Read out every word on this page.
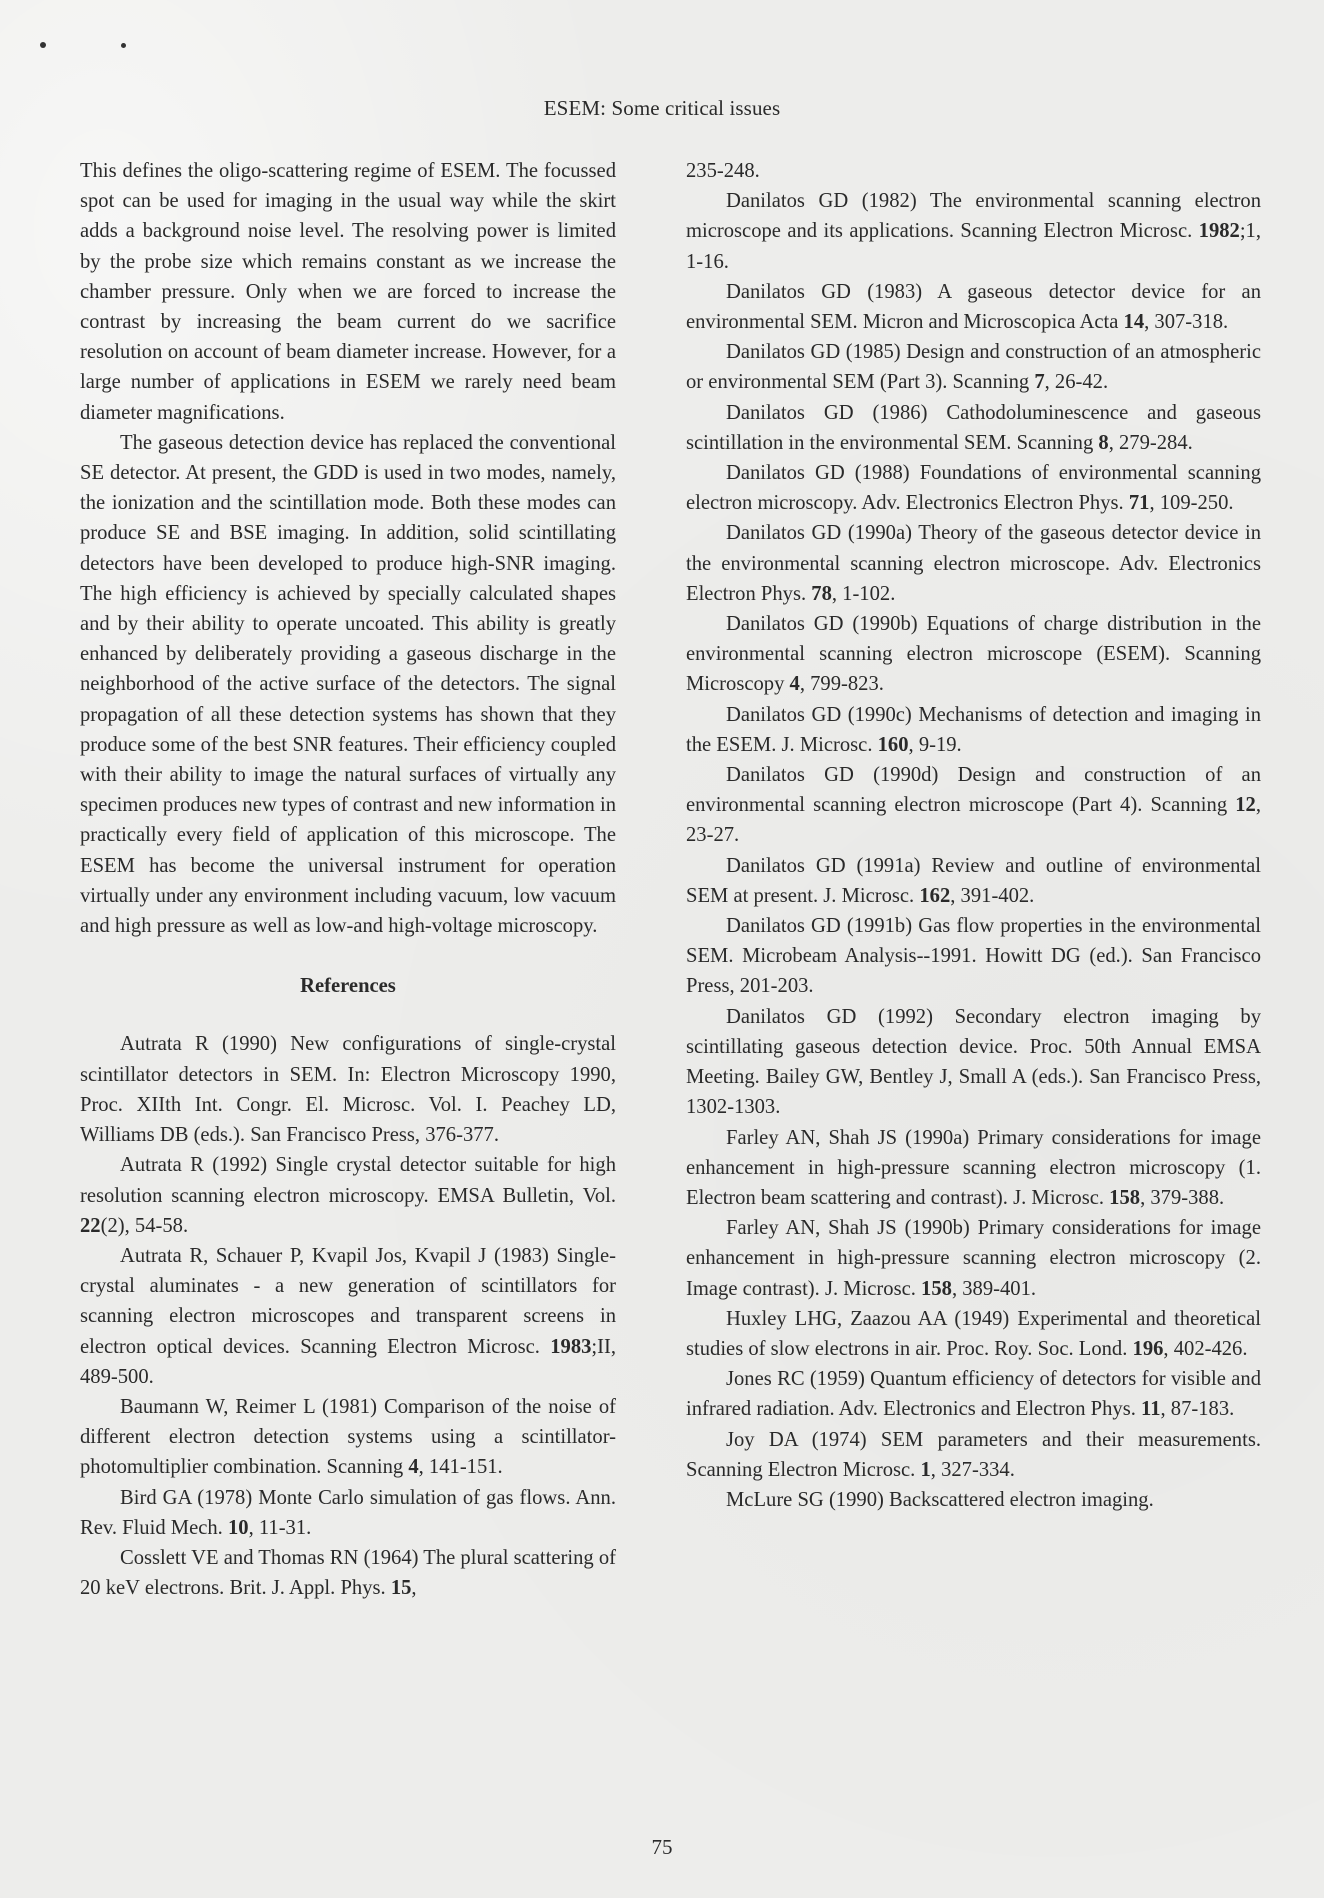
ESEM: Some critical issues

This defines the oligo-scattering regime of ESEM. The focussed spot can be used for imaging in the usual way while the skirt adds a background noise level. The resolving power is limited by the probe size which remains constant as we increase the chamber pressure. Only when we are forced to increase the contrast by increasing the beam current do we sacrifice resolution on account of beam diameter increase. However, for a large number of applications in ESEM we rarely need beam diameter magnifications.

The gaseous detection device has replaced the conventional SE detector. At present, the GDD is used in two modes, namely, the ionization and the scintillation mode. Both these modes can produce SE and BSE imaging. In addition, solid scintillating detectors have been developed to produce high-SNR imaging. The high efficiency is achieved by specially calculated shapes and by their ability to operate uncoated. This ability is greatly enhanced by deliberately providing a gaseous discharge in the neighborhood of the active surface of the detectors. The signal propagation of all these detection systems has shown that they produce some of the best SNR features. Their efficiency coupled with their ability to image the natural surfaces of virtually any specimen produces new types of contrast and new information in practically every field of application of this microscope. The ESEM has become the universal instrument for operation virtually under any environment including vacuum, low vacuum and high pressure as well as low-and high-voltage microscopy.

References

Autrata R (1990) New configurations of single-crystal scintillator detectors in SEM. In: Electron Microscopy 1990, Proc. XIIth Int. Congr. El. Microsc. Vol. I. Peachey LD, Williams DB (eds.). San Francisco Press, 376-377.

Autrata R (1992) Single crystal detector suitable for high resolution scanning electron microscopy. EMSA Bulletin, Vol. 22(2), 54-58.

Autrata R, Schauer P, Kvapil Jos, Kvapil J (1983) Single-crystal aluminates - a new generation of scintillators for scanning electron microscopes and transparent screens in electron optical devices. Scanning Electron Microsc. 1983;II, 489-500.

Baumann W, Reimer L (1981) Comparison of the noise of different electron detection systems using a scintillator-photomultiplier combination. Scanning 4, 141-151.

Bird GA (1978) Monte Carlo simulation of gas flows. Ann. Rev. Fluid Mech. 10, 11-31.

Cosslett VE and Thomas RN (1964) The plural scattering of 20 keV electrons. Brit. J. Appl. Phys. 15,

235-248.

Danilatos GD (1982) The environmental scanning electron microscope and its applications. Scanning Electron Microsc. 1982;1, 1-16.

Danilatos GD (1983) A gaseous detector device for an environmental SEM. Micron and Microscopica Acta 14, 307-318.

Danilatos GD (1985) Design and construction of an atmospheric or environmental SEM (Part 3). Scanning 7, 26-42.

Danilatos GD (1986) Cathodoluminescence and gaseous scintillation in the environmental SEM. Scanning 8, 279-284.

Danilatos GD (1988) Foundations of environmental scanning electron microscopy. Adv. Electronics Electron Phys. 71, 109-250.

Danilatos GD (1990a) Theory of the gaseous detector device in the environmental scanning electron microscope. Adv. Electronics Electron Phys. 78, 1-102.

Danilatos GD (1990b) Equations of charge distribution in the environmental scanning electron microscope (ESEM). Scanning Microscopy 4, 799-823.

Danilatos GD (1990c) Mechanisms of detection and imaging in the ESEM. J. Microsc. 160, 9-19.

Danilatos GD (1990d) Design and construction of an environmental scanning electron microscope (Part 4). Scanning 12, 23-27.

Danilatos GD (1991a) Review and outline of environmental SEM at present. J. Microsc. 162, 391-402.

Danilatos GD (1991b) Gas flow properties in the environmental SEM. Microbeam Analysis--1991. Howitt DG (ed.). San Francisco Press, 201-203.

Danilatos GD (1992) Secondary electron imaging by scintillating gaseous detection device. Proc. 50th Annual EMSA Meeting. Bailey GW, Bentley J, Small A (eds.). San Francisco Press, 1302-1303.

Farley AN, Shah JS (1990a) Primary considerations for image enhancement in high-pressure scanning electron microscopy (1. Electron beam scattering and contrast). J. Microsc. 158, 379-388.

Farley AN, Shah JS (1990b) Primary considerations for image enhancement in high-pressure scanning electron microscopy (2. Image contrast). J. Microsc. 158, 389-401.

Huxley LHG, Zaazou AA (1949) Experimental and theoretical studies of slow electrons in air. Proc. Roy. Soc. Lond. 196, 402-426.

Jones RC (1959) Quantum efficiency of detectors for visible and infrared radiation. Adv. Electronics and Electron Phys. 11, 87-183.

Joy DA (1974) SEM parameters and their measurements. Scanning Electron Microsc. 1, 327-334.

McLure SG (1990) Backscattered electron imaging.

75
